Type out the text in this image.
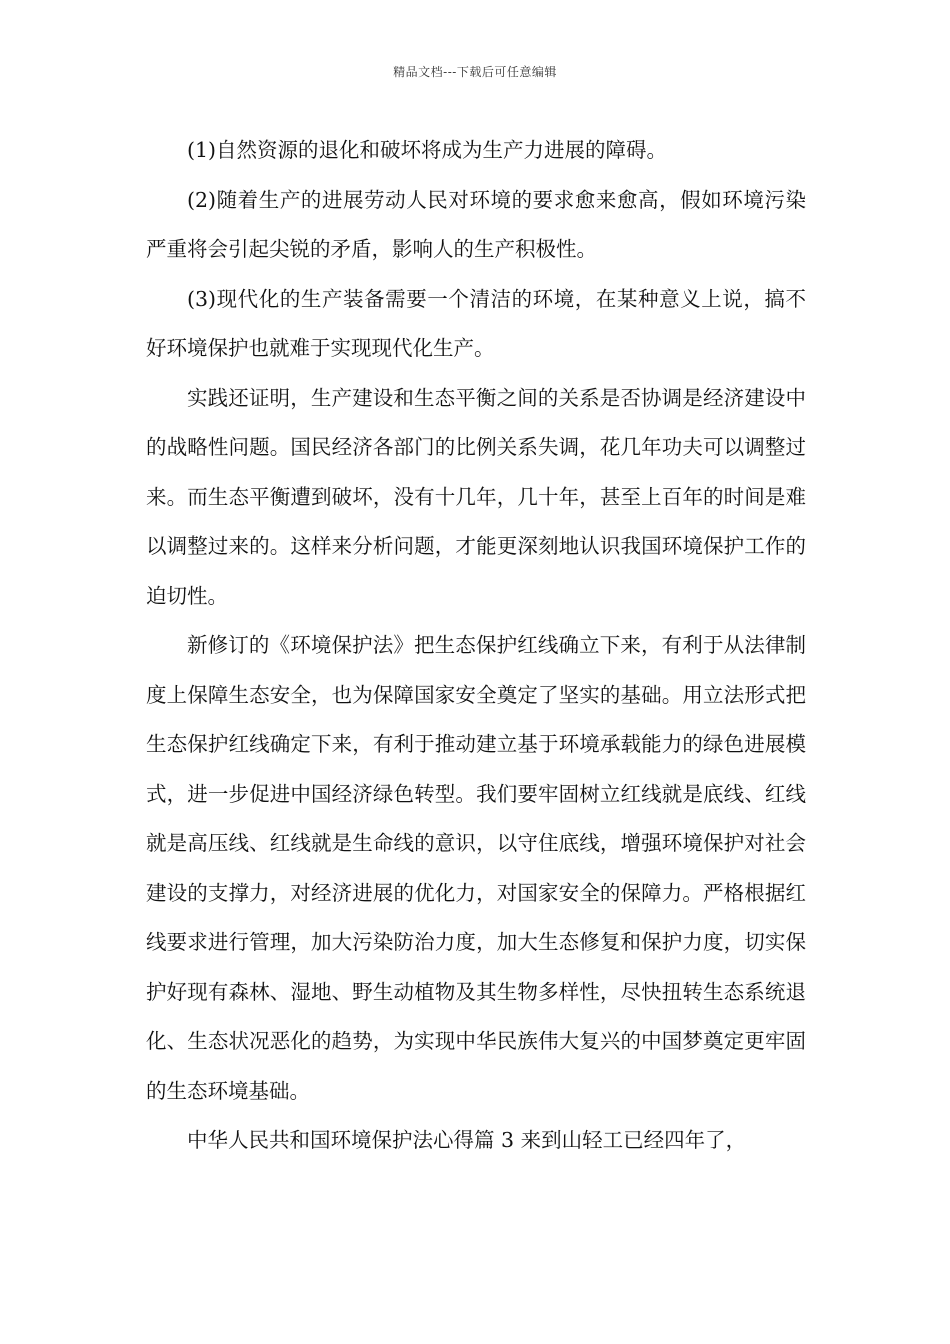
精品文档---下载后可任意编辑

(1)自然资源的退化和破坏将成为生产力进展的障碍。

(2)随着生产的进展劳动人民对环境的要求愈来愈高，假如环境污染严重将会引起尖锐的矛盾，影响人的生产积极性。

(3)现代化的生产装备需要一个清洁的环境，在某种意义上说，搞不好环境保护也就难于实现现代化生产。

实践还证明，生产建设和生态平衡之间的关系是否协调是经济建设中的战略性问题。国民经济各部门的比例关系失调，花几年功夫可以调整过来。而生态平衡遭到破坏，没有十几年，几十年，甚至上百年的时间是难以调整过来的。这样来分析问题，才能更深刻地认识我国环境保护工作的迫切性。

新修订的《环境保护法》把生态保护红线确立下来，有利于从法律制度上保障生态安全，也为保障国家安全奠定了坚实的基础。用立法形式把生态保护红线确定下来，有利于推动建立基于环境承载能力的绿色进展模式，进一步促进中国经济绿色转型。我们要牢固树立红线就是底线、红线就是高压线、红线就是生命线的意识，以守住底线，增强环境保护对社会建设的支撑力，对经济进展的优化力，对国家安全的保障力。严格根据红线要求进行管理，加大污染防治力度，加大生态修复和保护力度，切实保护好现有森林、湿地、野生动植物及其生物多样性，尽快扭转生态系统退化、生态状况恶化的趋势，为实现中华民族伟大复兴的中国梦奠定更牢固的生态环境基础。

中华人民共和国环境保护法心得篇 3 来到山轻工已经四年了，
